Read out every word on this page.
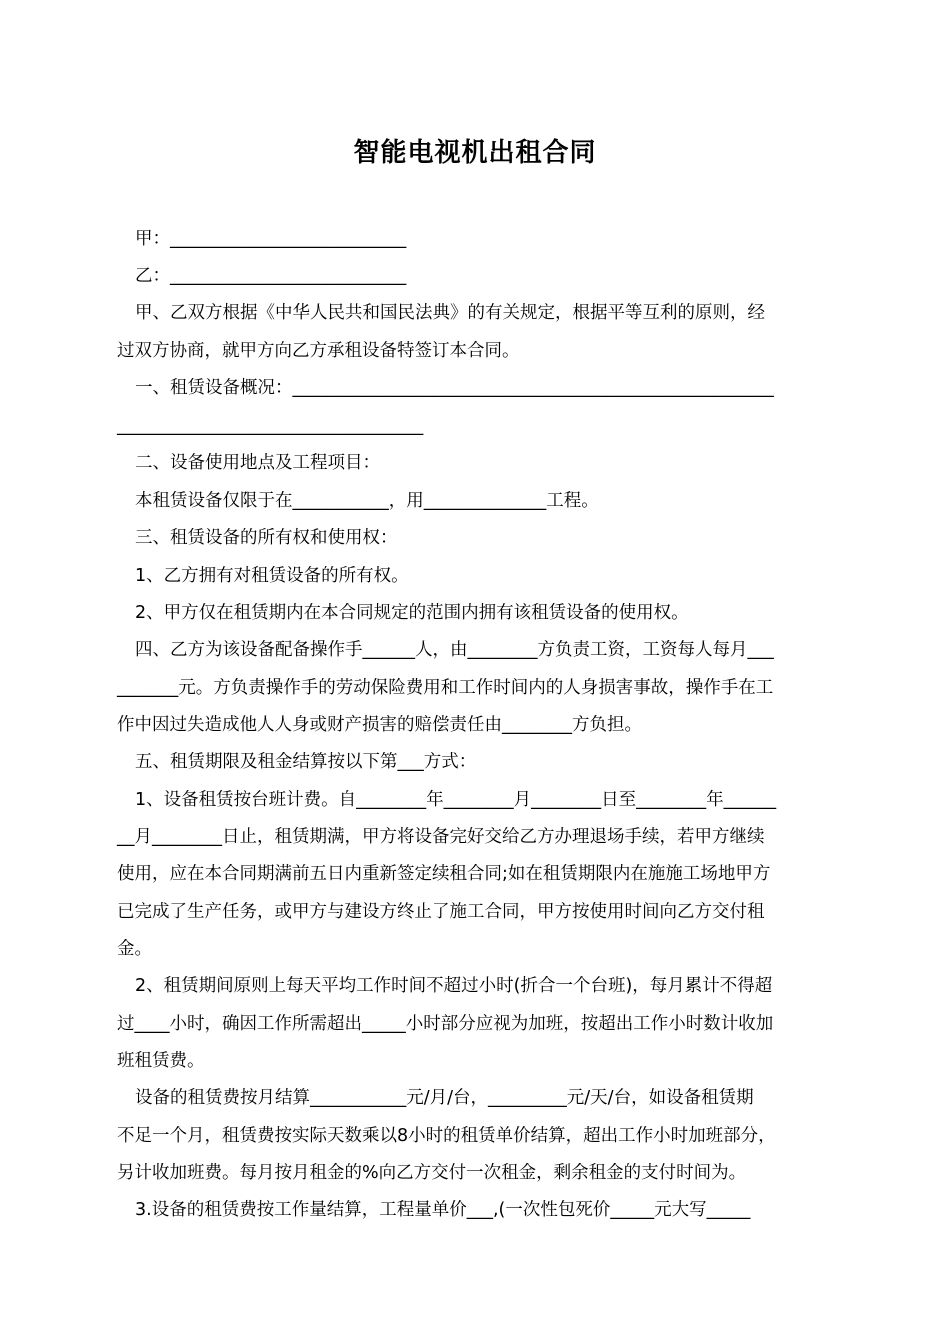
智能电视机出租合同
甲：___________________________
乙：___________________________
甲、乙双方根据《中华人民共和国民法典》的有关规定，根据平等互利的原则，经
过双方协商，就甲方向乙方承租设备特签订本合同。
一、租赁设备概况：_______________________________________________________
___________________________________
二、设备使用地点及工程项目：
本租赁设备仅限于在___________，用______________工程。
三、租赁设备的所有权和使用权：
1、乙方拥有对租赁设备的所有权。
2、甲方仅在租赁期内在本合同规定的范围内拥有该租赁设备的使用权。
四、乙方为该设备配备操作手______人，由________方负责工资，工资每人每月___
_______元。方负责操作手的劳动保险费用和工作时间内的人身损害事故，操作手在工
作中因过失造成他人人身或财产损害的赔偿责任由________方负担。
五、租赁期限及租金结算按以下第___方式：
1、设备租赁按台班计费。自________年________月________日至________年______
__月________日止，租赁期满，甲方将设备完好交给乙方办理退场手续，若甲方继续
使用，应在本合同期满前五日内重新签定续租合同;如在租赁期限内在施施工场地甲方
已完成了生产任务，或甲方与建设方终止了施工合同，甲方按使用时间向乙方交付租
金。
2、租赁期间原则上每天平均工作时间不超过小时(折合一个台班)，每月累计不得超
过____小时，确因工作所需超出_____小时部分应视为加班，按超出工作小时数计收加
班租赁费。
设备的租赁费按月结算___________元/月/台，_________元/天/台，如设备租赁期
不足一个月，租赁费按实际天数乘以8小时的租赁单价结算，超出工作小时加班部分，
另计收加班费。每月按月租金的%向乙方交付一次租金，剩余租金的支付时间为。
3.设备的租赁费按工作量结算，工程量单价___,(一次性包死价_____元大写_____
